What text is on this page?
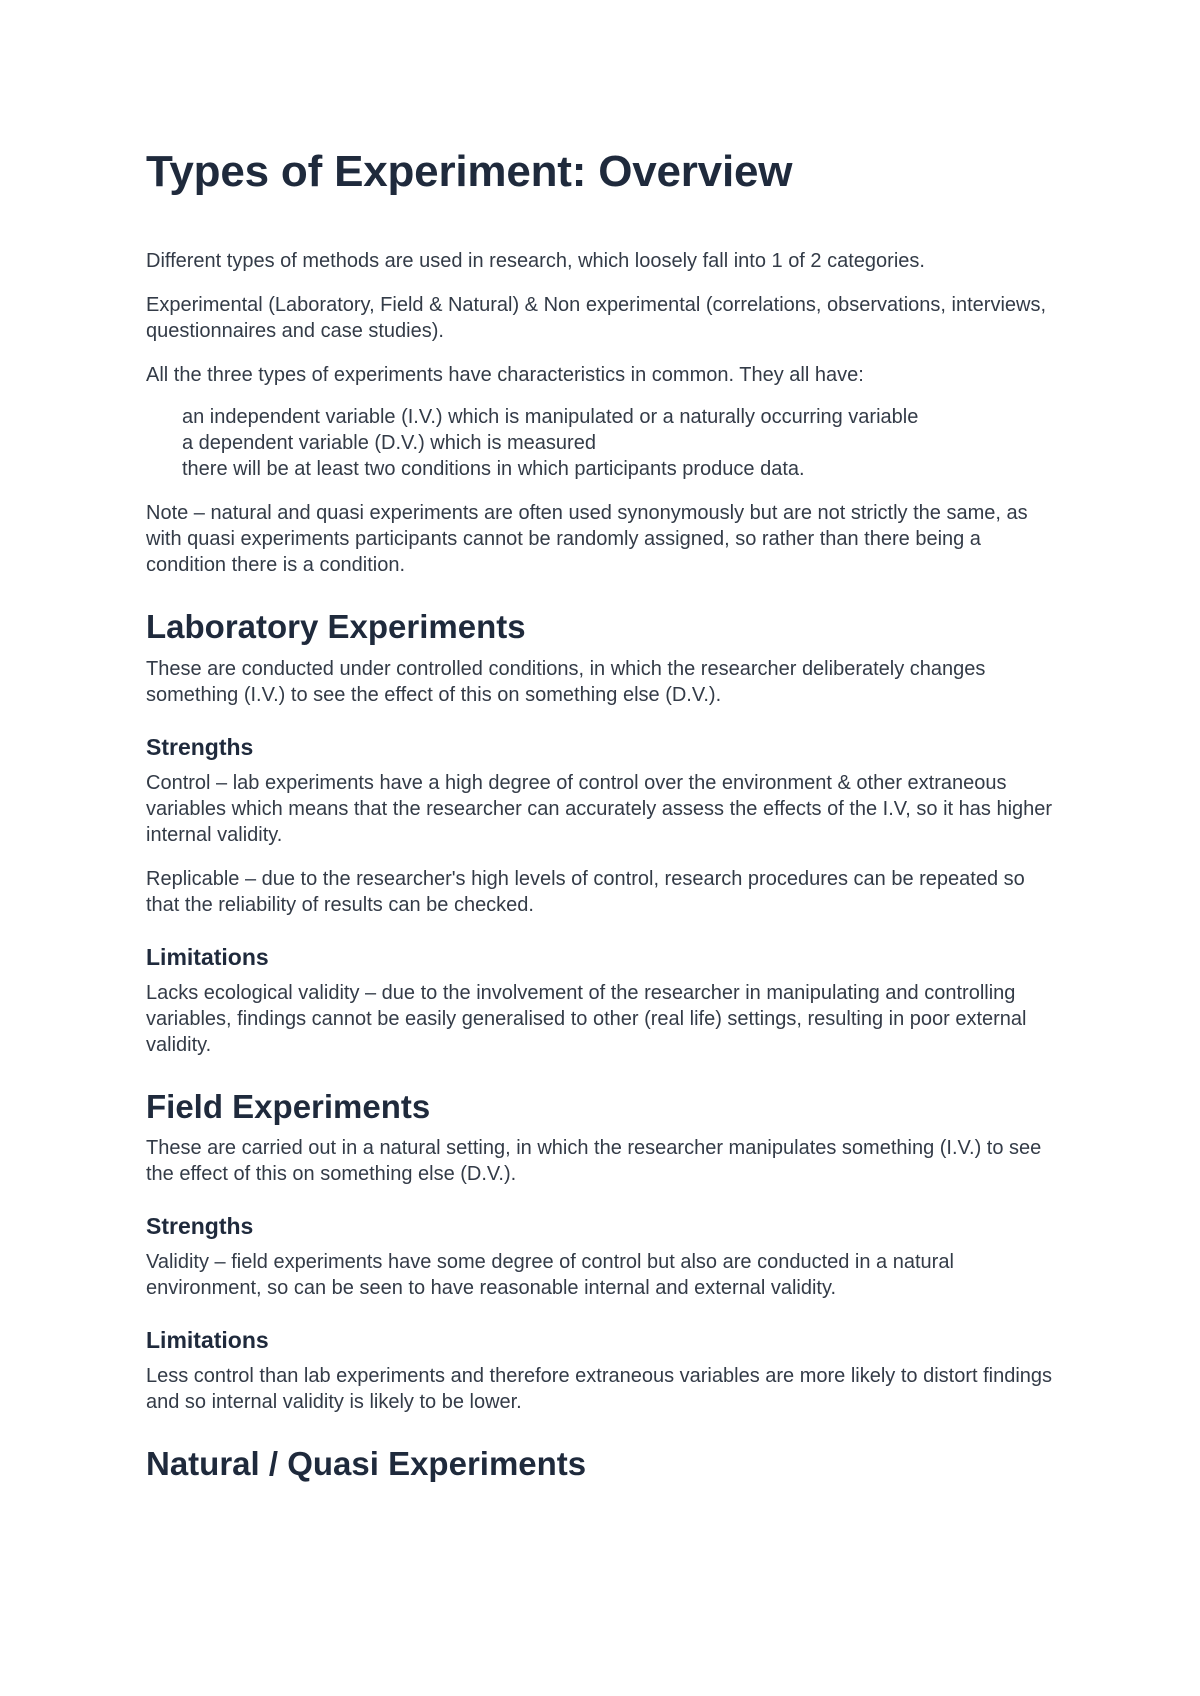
Types of Experiment: Overview

Different types of methods are used in research, which loosely fall into 1 of 2 categories.

Experimental (Laboratory, Field & Natural) & Non experimental (correlations, observations, interviews, questionnaires and case studies).

All the three types of experiments have characteristics in common. They all have:

an independent variable (I.V.) which is manipulated or a naturally occurring variable
a dependent variable (D.V.) which is measured
there will be at least two conditions in which participants produce data.

Note – natural and quasi experiments are often used synonymously but are not strictly the same, as with quasi experiments participants cannot be randomly assigned, so rather than there being a condition there is a condition.

Laboratory Experiments

These are conducted under controlled conditions, in which the researcher deliberately changes something (I.V.) to see the effect of this on something else (D.V.).

Strengths

Control – lab experiments have a high degree of control over the environment & other extraneous variables which means that the researcher can accurately assess the effects of the I.V, so it has higher internal validity.

Replicable – due to the researcher's high levels of control, research procedures can be repeated so that the reliability of results can be checked.

Limitations

Lacks ecological validity – due to the involvement of the researcher in manipulating and controlling variables, findings cannot be easily generalised to other (real life) settings, resulting in poor external validity.

Field Experiments

These are carried out in a natural setting, in which the researcher manipulates something (I.V.) to see the effect of this on something else (D.V.).

Strengths

Validity – field experiments have some degree of control but also are conducted in a natural environment, so can be seen to have reasonable internal and external validity.

Limitations

Less control than lab experiments and therefore extraneous variables are more likely to distort findings and so internal validity is likely to be lower.

Natural / Quasi Experiments
